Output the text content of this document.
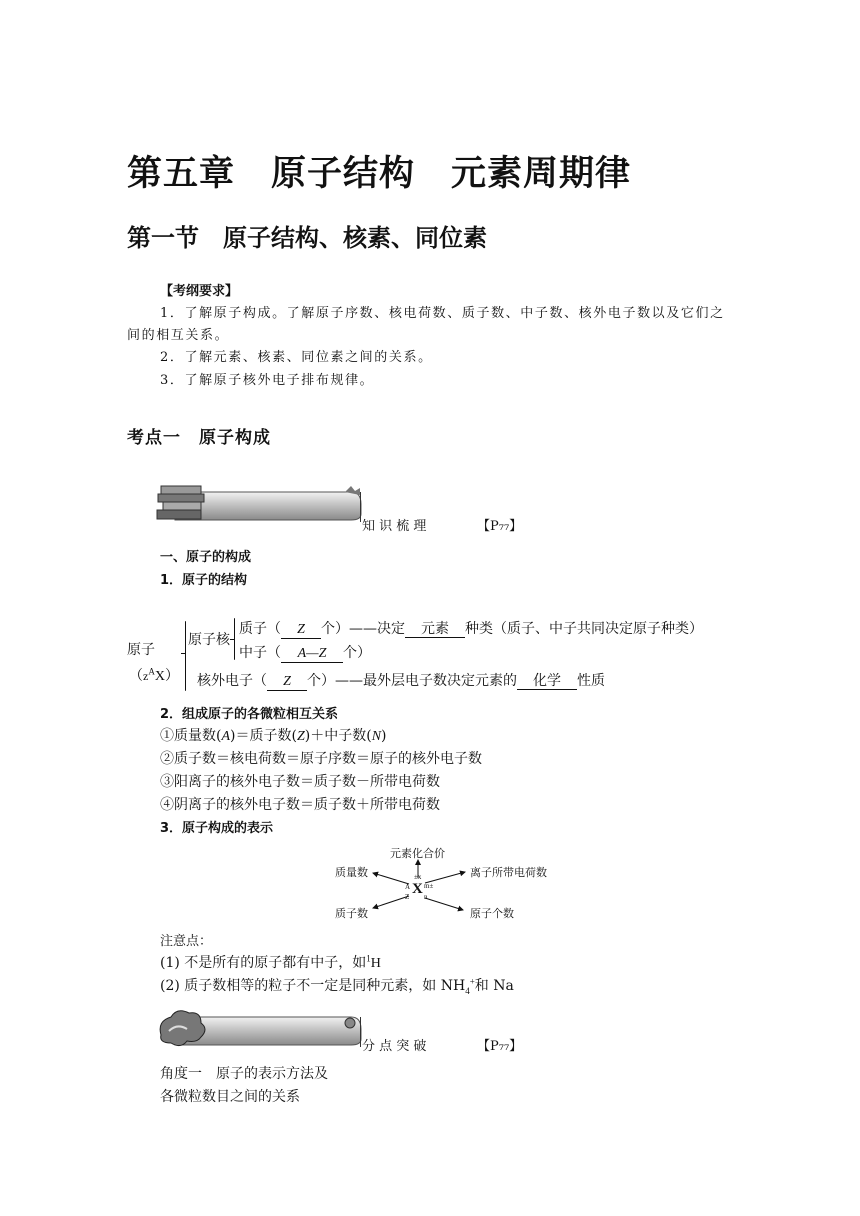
第五章　原子结构　元素周期律
第一节　原子结构、核素、同位素
【考纲要求】
1．了解原子构成。了解原子序数、核电荷数、质子数、中子数、核外电子数以及它们之
间的相互关系。
2．了解元素、核素、同位素之间的关系。
3．了解原子核外电子排布规律。
考点一　原子构成
知 识 梳 理	【P₇₇】
一、原子的构成
1．原子的结构
原子
$(z^AX)$
原子核
质子（ Z 个）——决定 元素 种类（质子、中子共同决定原子种类）
中子（ A—Z 个）
核外电子（ Z 个）——最外层电子数决定元素的 化学 性质
2．组成原子的各微粒相互关系
①质量数(A)＝质子数(Z)＋中子数(N)
②质子数＝核电荷数＝原子序数＝原子的核外电子数
③阳离子的核外电子数＝质子数－所带电荷数
④阴离子的核外电子数＝质子数＋所带电荷数
3．原子构成的表示
元素化合价
质量数	离子所带电荷数
质子数	原子个数
±x
A X m±
Z n
注意点：
(1) 不是所有的原子都有中子，如$^1$H
(2) 质子数相等的粒子不一定是同种元素，如 $NH_4^+$和 Na
分 点 突 破	【P₇₇】
角度一　原子的表示方法及
各微粒数目之间的关系
